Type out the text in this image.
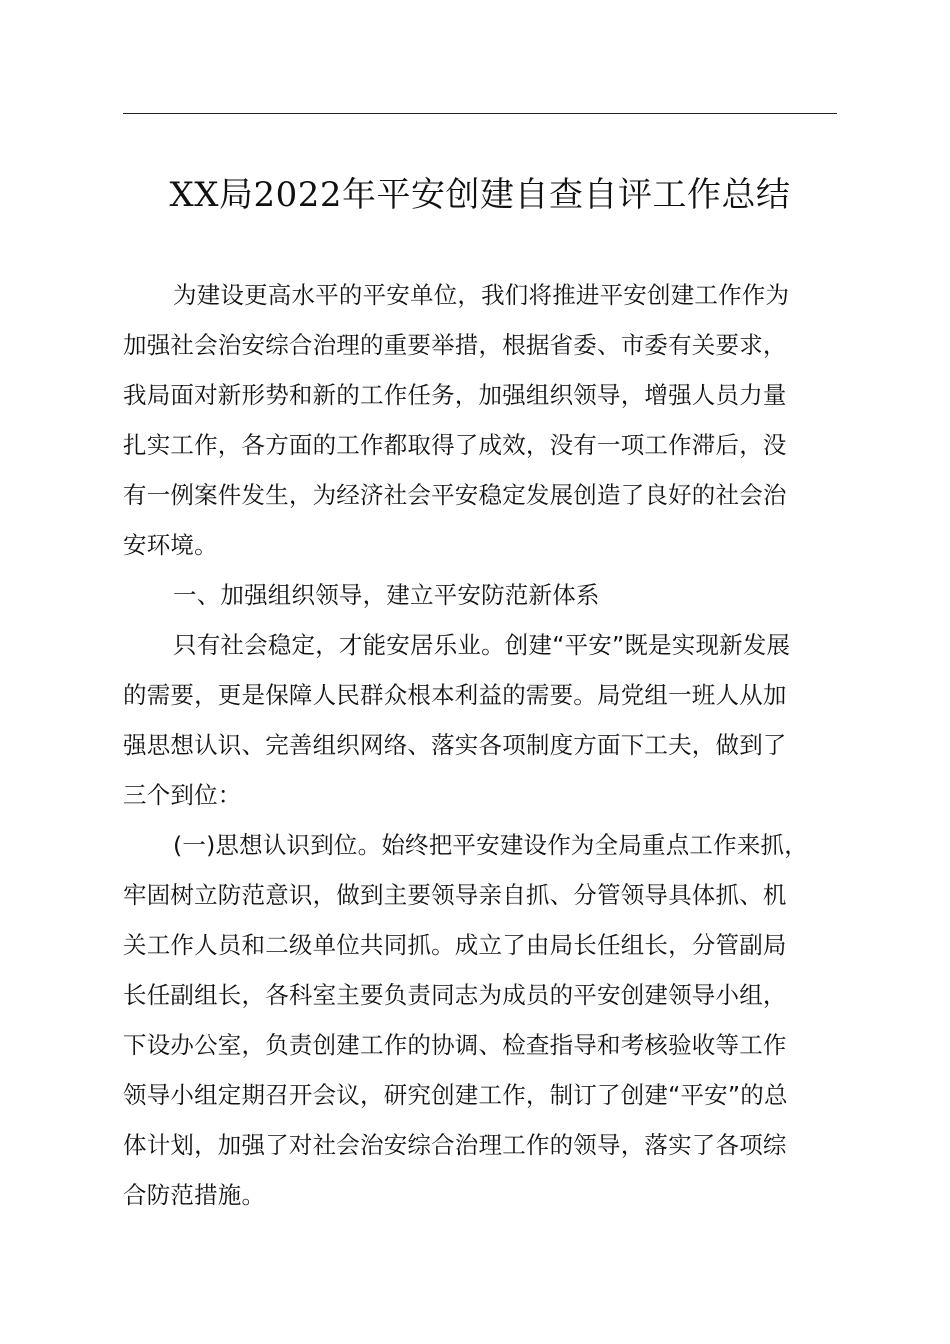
XX局2022年平安创建自查自评工作总结
为建设更高水平的平安单位，我们将推进平安创建工作作为
加强社会治安综合治理的重要举措，根据省委、市委有关要求，
我局面对新形势和新的工作任务，加强组织领导，增强人员力量
扎实工作，各方面的工作都取得了成效，没有一项工作滞后，没
有一例案件发生，为经济社会平安稳定发展创造了良好的社会治
安环境。
一、加强组织领导，建立平安防范新体系
只有社会稳定，才能安居乐业。创建“平安”既是实现新发展
的需要，更是保障人民群众根本利益的需要。局党组一班人从加
强思想认识、完善组织网络、落实各项制度方面下工夫，做到了
三个到位：
(一)思想认识到位。始终把平安建设作为全局重点工作来抓，
牢固树立防范意识，做到主要领导亲自抓、分管领导具体抓、机
关工作人员和二级单位共同抓。成立了由局长任组长，分管副局
长任副组长，各科室主要负责同志为成员的平安创建领导小组，
下设办公室，负责创建工作的协调、检查指导和考核验收等工作
领导小组定期召开会议，研究创建工作，制订了创建“平安”的总
体计划，加强了对社会治安综合治理工作的领导，落实了各项综
合防范措施。
